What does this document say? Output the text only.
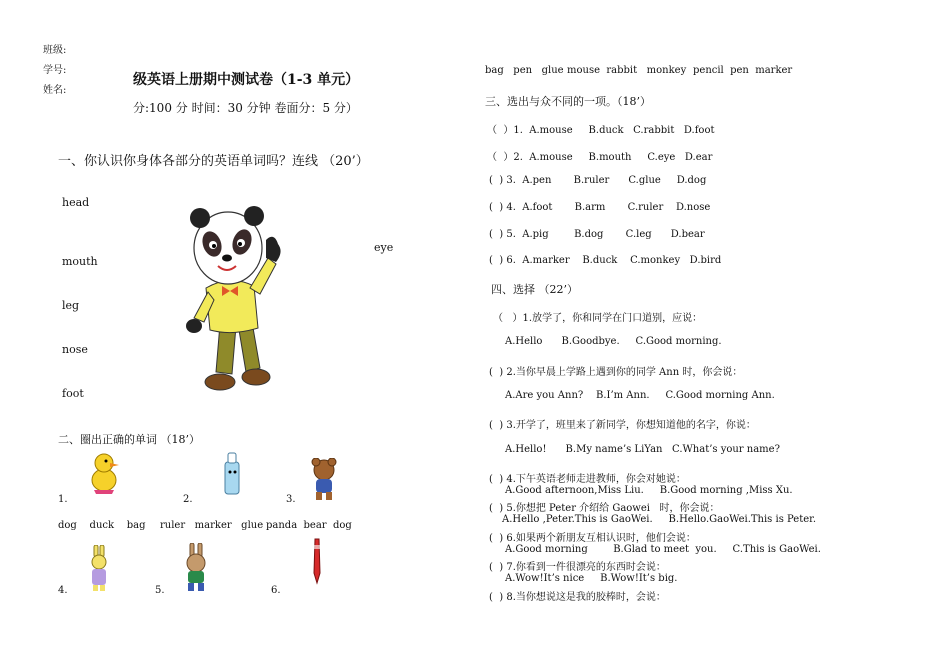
班级:
学号:
姓名:
级英语上册期中测试卷（1-3 单元）
分:100 分 时间：30 分钟 卷面分：5 分）
一、你认识你身体各部分的英语单词吗？连线 （20’）
head
mouth
leg
nose
foot
eye
二、圈出正确的单词 （18’）
1.	2.	3.
dog    duck    bag ruler   marker   glue panda  bear  dog
4.	5.	6.
bag   pen   glue mouse  rabbit   monkey pencil  pen  marker
三、选出与众不同的一项。（18’）
（  ）1.  A.mouse     B.duck   C.rabbit   D.foot
（  ）2.  A.mouse     B.mouth     C.eye   D.ear
(  ) 3.  A.pen       B.ruler      C.glue     D.dog
(  ) 4.  A.foot       B.arm       C.ruler    D.nose
(  ) 5.  A.pig        B.dog       C.leg      D.bear
(  ) 6.  A.marker    B.duck    C.monkey   D.bird
四、选择 （22’）
（   ）1.放学了，你和同学在门口道别，应说：
A.Hello      B.Goodbye.     C.Good morning.
(  ) 2.当你早晨上学路上遇到你的同学 Ann 时，你会说：
A.Are you Ann?    B.I’m Ann.     C.Good morning Ann.
(  ) 3.开学了，班里来了新同学，你想知道他的名字，你说：
A.Hello!      B.My name’s LiYan   C.What’s your name?
(  ) 4.下午英语老师走进教师，你会对她说：
A.Good afternoon,Miss Liu.     B.Good morning ,Miss Xu.
(  ) 5.你想把 Peter 介绍给 Gaowei   时，你会说：
A.Hello ,Peter.This is GaoWei.     B.Hello.GaoWei.This is Peter.
(  ) 6.如果两个新朋友互相认识时，他们会说：
A.Good morning        B.Glad to meet  you.     C.This is GaoWei.
(  ) 7.你看到一件很漂亮的东西时会说：
A.Wow!It’s nice     B.Wow!It’s big.
(  ) 8.当你想说这是我的胶棒时，会说：
